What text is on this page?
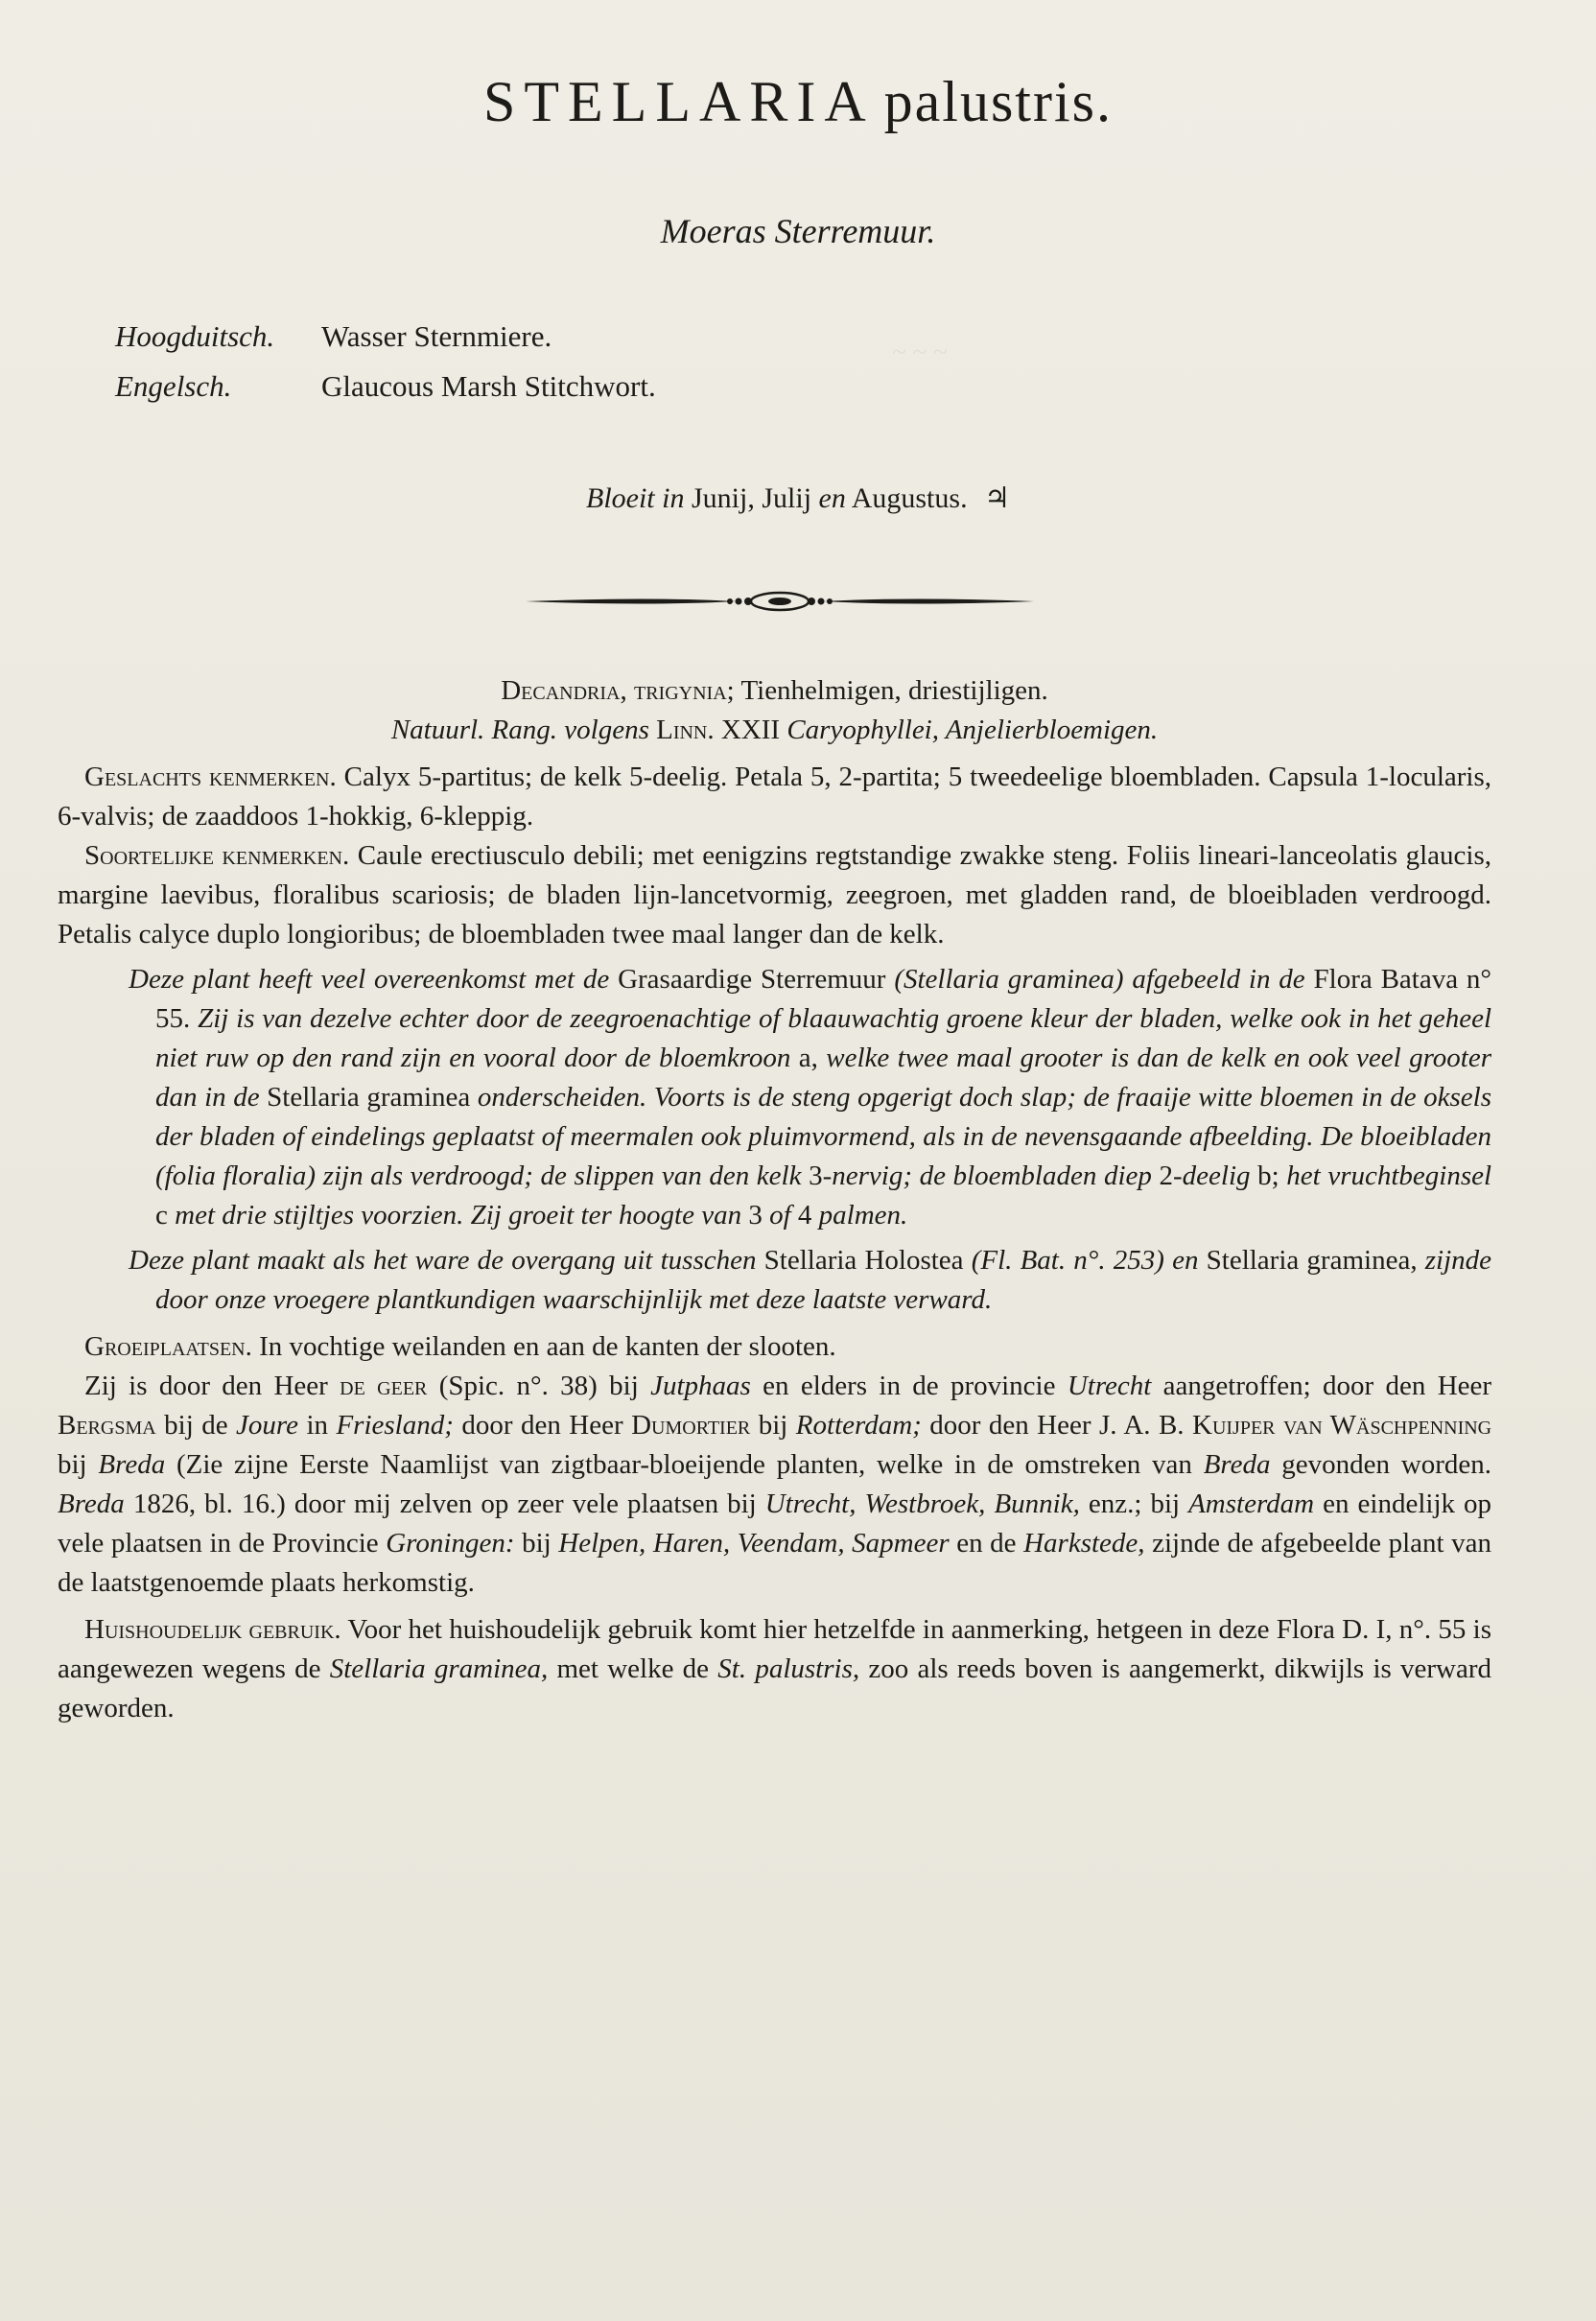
~ ~ ~
STELLARIA palustris.
Moeras Sterremuur.
Hoogduitsch. Wasser Sternmiere.
Engelsch.	Glaucous Marsh Stitchwort.
Bloeit in Junij, Julij en Augustus. ♃

Decandria, trigynia; Tienhelmigen, driestijligen.

Natuurl. Rang. volgens Linn. XXII Caryophyllei, Anjelierbloemigen.

Geslachts kenmerken. Calyx 5-partitus; de kelk 5-deelig. Petala 5, 2-partita; 5 tweedeelige bloembladen. Capsula 1-locularis, 6-valvis; de zaaddoos 1-hokkig, 6-kleppig.

Soortelijke kenmerken. Caule erectiusculo debili; met eenigzins regtstandige zwakke steng. Foliis lineari-lanceolatis glaucis, margine laevibus, floralibus scariosis; de bladen lijn-lancetvormig, zeegroen, met gladden rand, de bloeibladen verdroogd. Petalis calyce duplo longioribus; de bloembladen twee maal langer dan de kelk.

Deze plant heeft veel overeenkomst met de Grasaardige Sterremuur (Stellaria graminea) afgebeeld in de Flora Batava n° 55. Zij is van dezelve echter door de zeegroenachtige of blaauwachtig groene kleur der bladen, welke ook in het geheel niet ruw op den rand zijn en vooral door de bloemkroon a, welke twee maal grooter is dan de kelk en ook veel grooter dan in de Stellaria graminea onderscheiden. Voorts is de steng opgerigt doch slap; de fraaije witte bloemen in de oksels der bladen of eindelings geplaatst of meermalen ook pluimvormend, als in de nevensgaande afbeelding. De bloeibladen (folia floralia) zijn als verdroogd; de slippen van den kelk 3-nervig; de bloembladen diep 2-deelig b; het vruchtbeginsel c met drie stijltjes voorzien. Zij groeit ter hoogte van 3 of 4 palmen.

Deze plant maakt als het ware de overgang uit tusschen Stellaria Holostea (Fl. Bat. n°. 253) en Stellaria graminea, zijnde door onze vroegere plantkundigen waarschijnlijk met deze laatste verward.

Groeiplaatsen. In vochtige weilanden en aan de kanten der slooten.

Zij is door den Heer de geer (Spic. n°. 38) bij Jutphaas en elders in de provincie Utrecht aangetroffen; door den Heer Bergsma bij de Joure in Friesland; door den Heer Dumortier bij Rotterdam; door den Heer J. A. B. Kuijper van Wäschpenning bij Breda (Zie zijne Eerste Naamlijst van zigtbaar-bloeijende planten, welke in de omstreken van Breda gevonden worden. Breda 1826, bl. 16.) door mij zelven op zeer vele plaatsen bij Utrecht, Westbroek, Bunnik, enz.; bij Amsterdam en eindelijk op vele plaatsen in de Provincie Groningen: bij Helpen, Haren, Veendam, Sapmeer en de Harkstede, zijnde de afgebeelde plant van de laatstgenoemde plaats herkomstig.

Huishoudelijk gebruik. Voor het huishoudelijk gebruik komt hier hetzelfde in aanmerking, hetgeen in deze Flora D. I, n°. 55 is aangewezen wegens de Stellaria graminea, met welke de St. palustris, zoo als reeds boven is aangemerkt, dikwijls is verward geworden.
